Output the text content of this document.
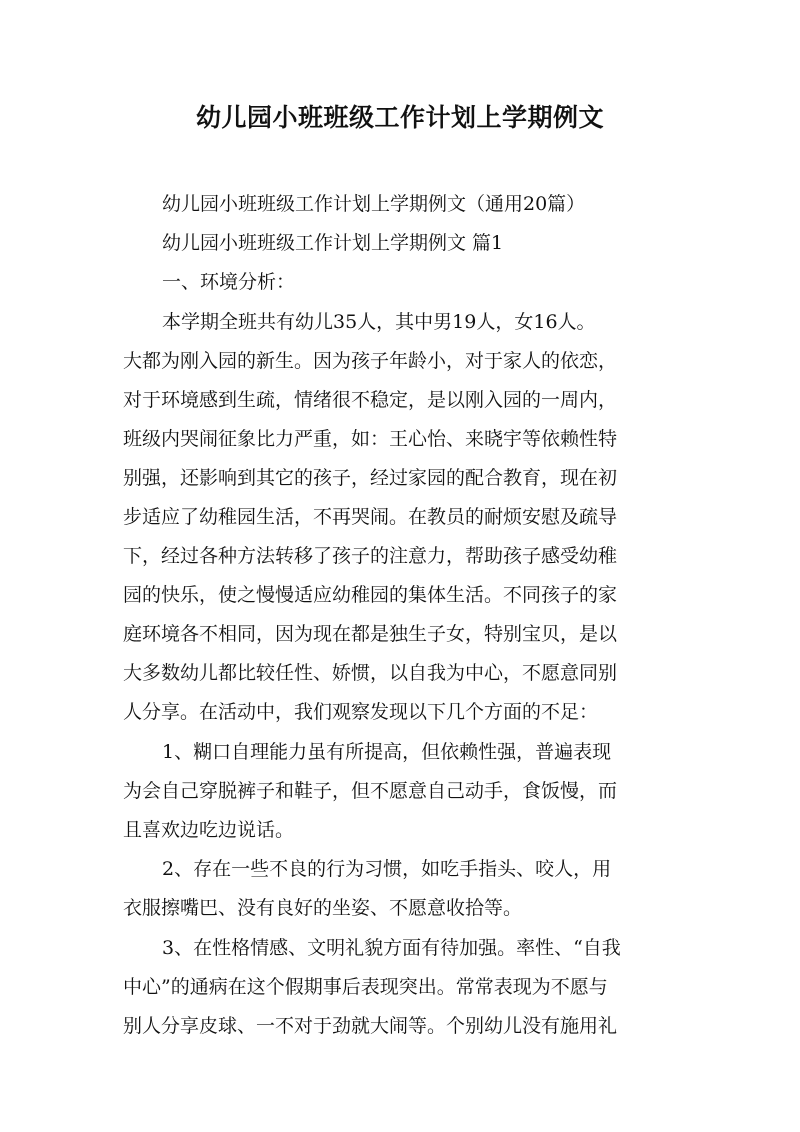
幼儿园小班班级工作计划上学期例文
幼儿园小班班级工作计划上学期例文（通用20篇）
幼儿园小班班级工作计划上学期例文 篇1
一、环境分析：
本学期全班共有幼儿35人，其中男19人，女16人。
大都为刚入园的新生。因为孩子年龄小，对于家人的依恋，
对于环境感到生疏，情绪很不稳定，是以刚入园的一周内，
班级内哭闹征象比力严重，如：王心怡、来晓宇等依赖性特
别强，还影响到其它的孩子，经过家园的配合教育，现在初
步适应了幼稚园生活，不再哭闹。在教员的耐烦安慰及疏导
下，经过各种方法转移了孩子的注意力，帮助孩子感受幼稚
园的快乐，使之慢慢适应幼稚园的集体生活。不同孩子的家
庭环境各不相同，因为现在都是独生子女，特别宝贝，是以
大多数幼儿都比较任性、娇惯，以自我为中心，不愿意同别
人分享。在活动中，我们观察发现以下几个方面的不足：
1、糊口自理能力虽有所提高，但依赖性强，普遍表现
为会自己穿脱裤子和鞋子，但不愿意自己动手，食饭慢，而
且喜欢边吃边说话。
2、存在一些不良的行为习惯，如吃手指头、咬人，用
衣服擦嘴巴、没有良好的坐姿、不愿意收拾等。
3、在性格情感、文明礼貌方面有待加强。率性、“自我
中心”的通病在这个假期事后表现突出。常常表现为不愿与
别人分享皮球、一不对于劲就大闹等。个别幼儿没有施用礼
